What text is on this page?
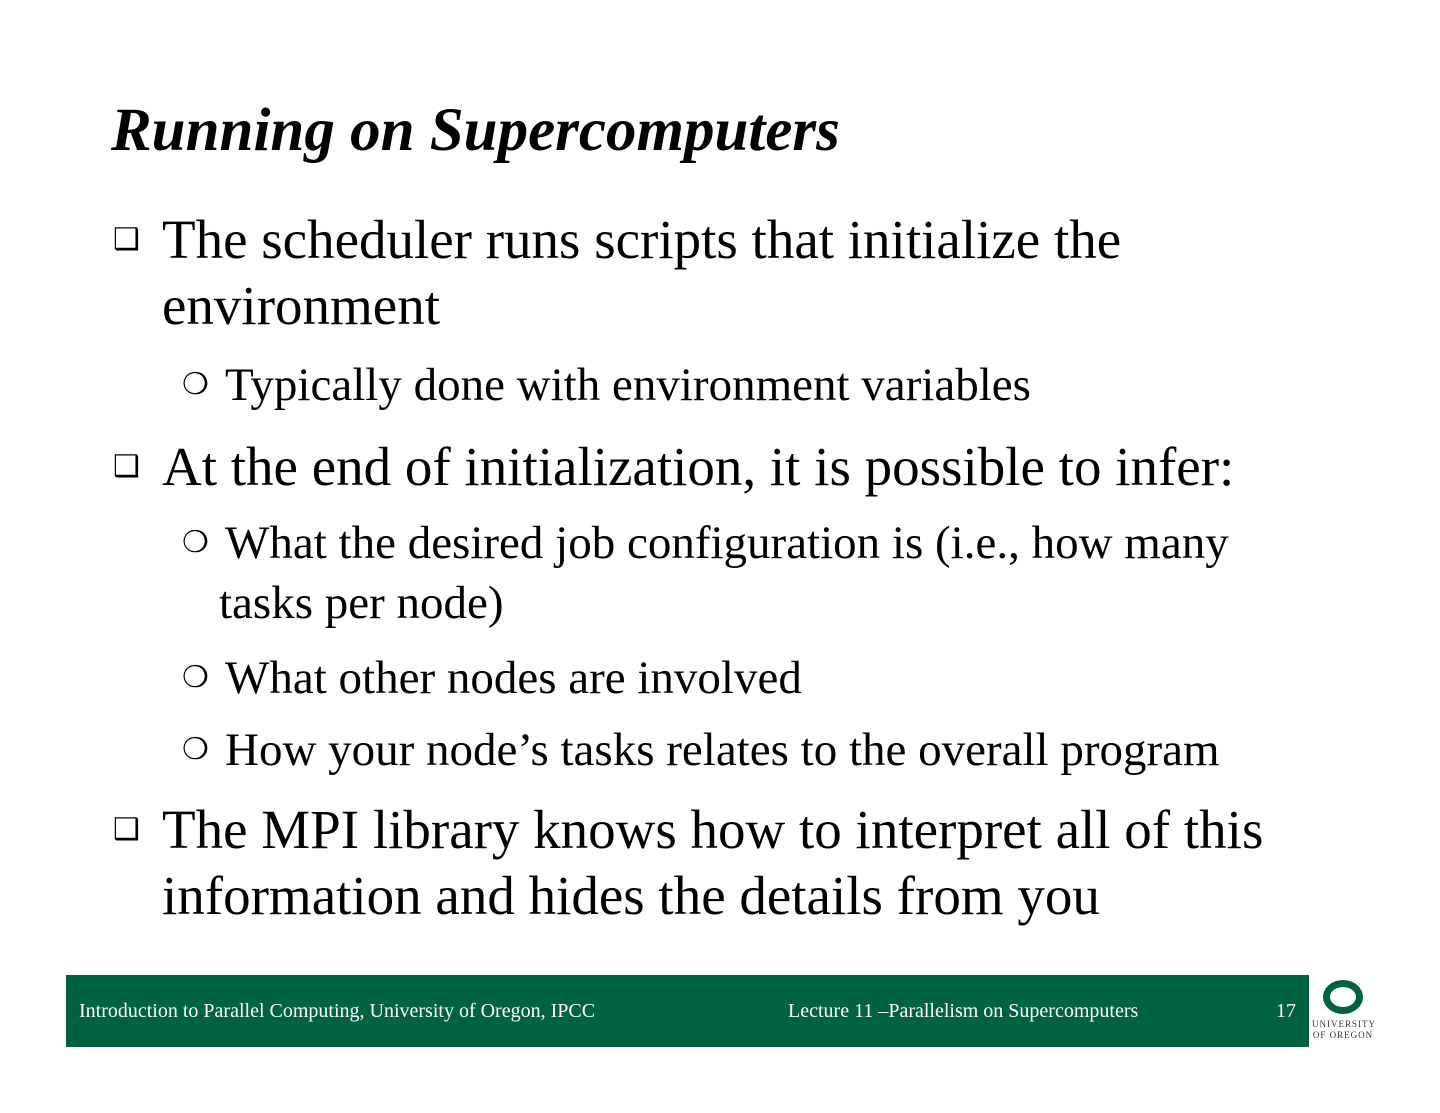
Running on Supercomputers
❑ The scheduler runs scripts that initialize the environment
❍ Typically done with environment variables
❑ At the end of initialization, it is possible to infer:
❍ What the desired job configuration is (i.e., how many tasks per node)
❍ What other nodes are involved
❍ How your node’s tasks relates to the overall program
❑ The MPI library knows how to interpret all of this information and hides the details from you
Introduction to Parallel Computing, University of Oregon, IPCC	Lecture 11 –Parallelism on Supercomputers	17
UNIVERSITY
OF OREGON
